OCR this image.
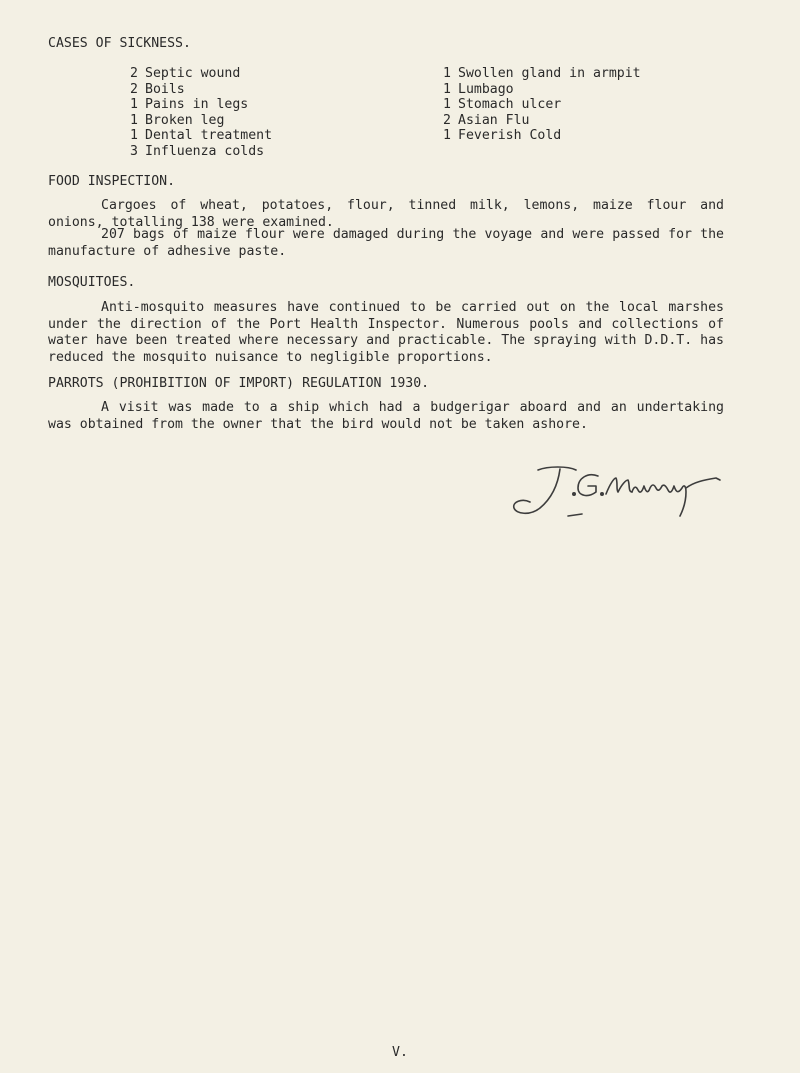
CASES OF SICKNESS.
2 Septic wound
2 Boils
1 Pains in legs
1 Broken leg
1 Dental treatment
3 Influenza colds
1 Swollen gland in armpit
1 Lumbago
1 Stomach ulcer
2 Asian Flu
1 Feverish Cold
FOOD INSPECTION.

Cargoes of wheat, potatoes, flour, tinned milk, lemons, maize flour and onions, totalling 138 were examined.

207 bags of maize flour were damaged during the voyage and were passed for the manufacture of adhesive paste.

MOSQUITOES.

Anti-mosquito measures have continued to be carried out on the local marshes under the direction of the Port Health Inspector. Numerous pools and collections of water have been treated where necessary and practicable. The spraying with D.D.T. has reduced the mosquito nuisance to negligible proportions.

PARROTS (PROHIBITION OF IMPORT) REGULATION 1930.

A visit was made to a ship which had a budgerigar aboard and an undertaking was obtained from the owner that the bird would not be taken ashore.

V.
